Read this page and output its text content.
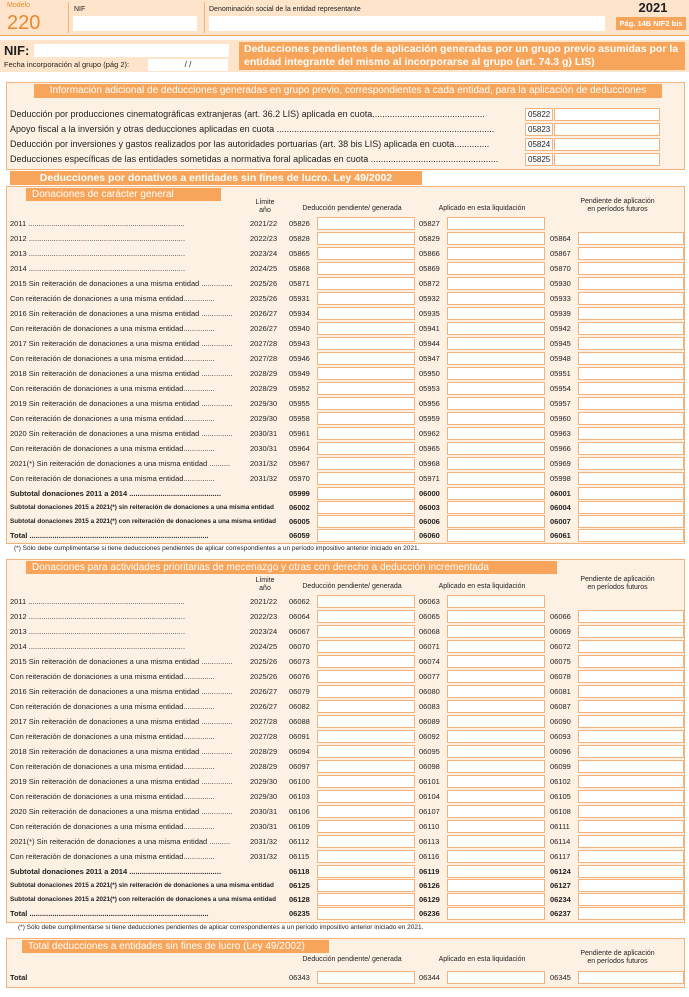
Modelo
220
NIF	Denominación social de la entidad representante	2021
Pág. 14B NIF2 bis
NIF:
Fecha incorporación al grupo (pág 2):	/ /
Deducciones pendientes de aplicación generadas por un grupo previo asumidas por la entidad integrante del mismo al incorporarse al grupo (art. 74.3 g) LIS)
Información adicional de deducciones generadas en grupo previo, correspondientes a cada entidad, para la aplicación de deducciones
Deducción por producciones cinematográficas extranjeras (art. 36.2 LIS) aplicada en cuota.............................................	05822
Apoyo fiscal a la inversión y otras deducciones aplicadas en cuota .......................................................................................	05823
Deducción por inversiones y gastos realizados por las autoridades portuarias (art. 38 bis LIS) aplicada en cuota..............	05824
Deducciones específicas de las entidades sometidas a normativa foral aplicadas en cuota ...................................................	05825
Deducciones por donativos a entidades sin fines de lucro. Ley 49/2002
Donaciones de carácter general
Límite
año	Deducción pendiente/ generada	Aplicado en esta liquidación
Pendiente de aplicación
en períodos futuros
2011 ...........................................................................	2021/22	05826	05827
2012 ...........................................................................	2022/23	05828	05829	05864
2013 ...........................................................................	2023/24	05865	05866	05867
2014 ...........................................................................	2024/25	05868	05869	05870
2015 Sin reiteración de donaciones a una misma entidad ...............	2025/26	05871	05872	05930
Con reiteración de donaciones a una misma entidad...............	2025/26	05931	05932	05933
2016 Sin reiteración de donaciones a una misma entidad ...............	2026/27	05934	05935	05939
Con reiteración de donaciones a una misma entidad...............	2026/27	05940	05941	05942
2017 Sin reiteración de donaciones a una misma entidad ...............	2027/28	05943	05944	05945
Con reiteración de donaciones a una misma entidad...............	2027/28	05946	05947	05948
2018 Sin reiteración de donaciones a una misma entidad ...............	2028/29	05949	05950	05951
Con reiteración de donaciones a una misma entidad...............	2028/29	05952	05953	05954
2019 Sin reiteración de donaciones a una misma entidad ...............	2029/30	05955	05956	05957
Con reiteración de donaciones a una misma entidad...............	2029/30	05958	05959	05960
2020 Sin reiteración de donaciones a una misma entidad ...............	2030/31	05961	05962	05963
Con reiteración de donaciones a una misma entidad...............	2030/31	05964	05965	05966
2021(*) Sin reiteración de donaciones a una misma entidad ..........	2031/32	05967	05968	05969
Con reiteración de donaciones a una misma entidad...............	2031/32	05970	05971	05998
Subtotal donaciones 2011 a 2014 ............................................	05999	06000	06001
Subtotal donaciones 2015 a 2021(*) sin reiteración de donaciones a una misma entidad	06002	06003	06004
Subtotal donaciones 2015 a 2021(*) con reiteración de donaciones a una misma entidad	06005	06006	06007
Total ......................................................................................	06059	06060	06061
(*) Sólo debe cumplimentarse si tiene deducciones pendientes de aplicar correspondientes a un período impositivo anterior iniciado en 2021.
Donaciones para actividades prioritarias de mecenazgo y otras con derecho a deducción incrementada
Límite
año	Deducción pendiente/ generada	Aplicado en esta liquidación
Pendiente de aplicación
en períodos futuros
2011 ...........................................................................	2021/22	06062	06063
2012 ...........................................................................	2022/23	06064	06065	06066
2013 ...........................................................................	2023/24	06067	06068	06069
2014 ...........................................................................	2024/25	06070	06071	06072
2015 Sin reiteración de donaciones a una misma entidad ...............	2025/26	06073	06074	06075
Con reiteración de donaciones a una misma entidad...............	2025/26	06076	06077	06078
2016 Sin reiteración de donaciones a una misma entidad ...............	2026/27	06079	06080	06081
Con reiteración de donaciones a una misma entidad...............	2026/27	06082	06083	06087
2017 Sin reiteración de donaciones a una misma entidad ...............	2027/28	06088	06089	06090
Con reiteración de donaciones a una misma entidad...............	2027/28	06091	06092	06093
2018 Sin reiteración de donaciones a una misma entidad ...............	2028/29	06094	06095	06096
Con reiteración de donaciones a una misma entidad...............	2028/29	06097	06098	06099
2019 Sin reiteración de donaciones a una misma entidad ...............	2029/30	06100	06101	06102
Con reiteración de donaciones a una misma entidad...............	2029/30	06103	06104	06105
2020 Sin reiteración de donaciones a una misma entidad ...............	2030/31	06106	06107	06108
Con reiteración de donaciones a una misma entidad...............	2030/31	06109	06110	06111
2021(*) Sin reiteración de donaciones a una misma entidad ..........	2031/32	06112	06113	06114
Con reiteración de donaciones a una misma entidad...............	2031/32	06115	06116	06117
Subtotal donaciones 2011 a 2014 ............................................	06118	06119	06124
Subtotal donaciones 2015 a 2021(*) sin reiteración de donaciones a una misma entidad	06125	06126	06127
Subtotal donaciones 2015 a 2021(*) con reiteración de donaciones a una misma entidad	06128	06129	06234
Total ......................................................................................	06235	06236	06237
(*) Sólo debe cumplimentarse si tiene deducciones pendientes de aplicar correspondientes a un período impositivo anterior iniciado en 2021.
Total deducciones a entidades sin fines de lucro (Ley 49/2002)
Deducción pendiente/ generada	Aplicado en esta liquidación
Pendiente de aplicación
en períodos futuros
Total	06343	06344	06345
